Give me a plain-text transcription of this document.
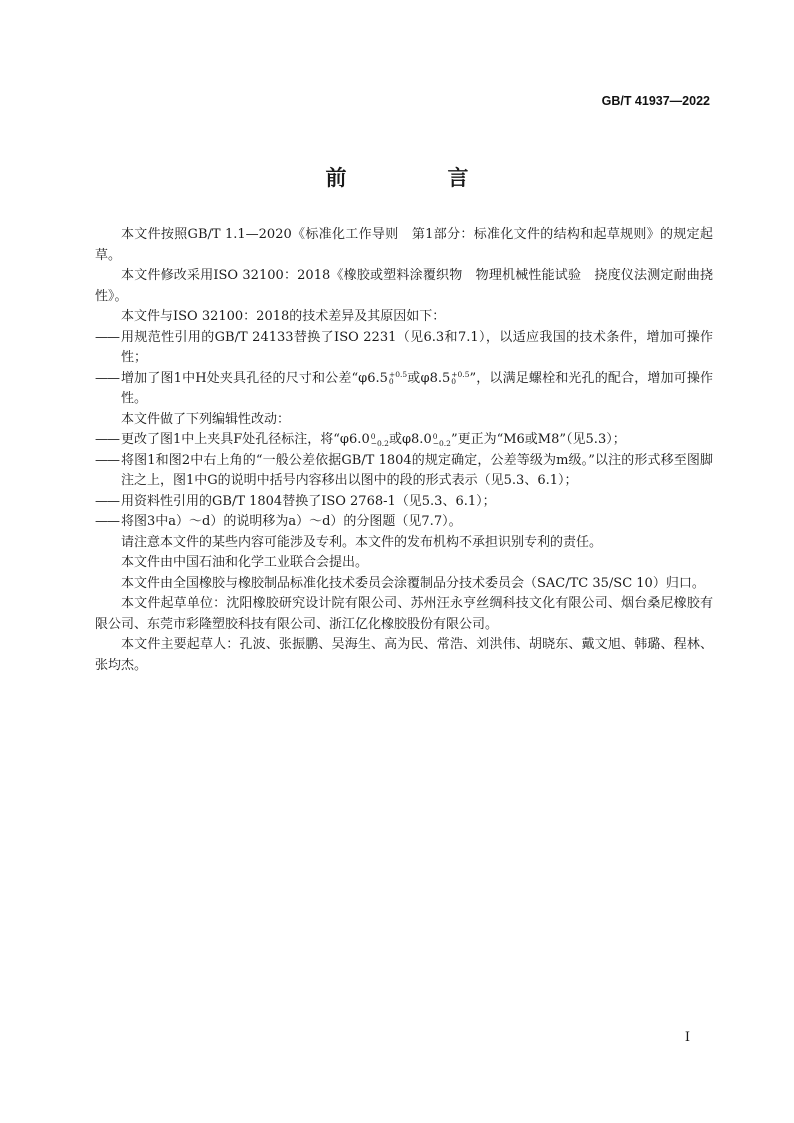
GB/T 41937—2022
前　言

本文件按照GB/T 1.1—2020《标准化工作导则　第1部分：标准化文件的结构和起草规则》的规定起草。

本文件修改采用ISO 32100：2018《橡胶或塑料涂覆织物　物理机械性能试验　挠度仪法测定耐曲挠性》。

本文件与ISO 32100：2018的技术差异及其原因如下：

—— 用规范性引用的GB/T 24133替换了ISO 2231（见6.3和7.1），以适应我国的技术条件，增加可操作性；

—— 增加了图1中H处夹具孔径的尺寸和公差“φ6.5 +0.5
0	或φ8.5 +0.5
0	”，以满足螺栓和光孔的配合，增加可操作性。

本文件做了下列编辑性改动：

—— 更改了图1中上夹具F处孔径标注，将“φ6.0 0
−0.2 或φ8.0 0
−0.2 ”更正为“M6或M8”（见5.3）；

—— 将图1和图2中右上角的“一般公差依据GB/T 1804的规定确定，公差等级为m级。”以注的形式移至图脚注之上，图1中G的说明中括号内容移出以图中的段的形式表示（见5.3、6.1）；

—— 用资料性引用的GB/T 1804替换了ISO 2768-1（见5.3、6.1）；

—— 将图3中a）～d）的说明移为a）～d）的分图题（见7.7）。

请注意本文件的某些内容可能涉及专利。本文件的发布机构不承担识别专利的责任。

本文件由中国石油和化学工业联合会提出。

本文件由全国橡胶与橡胶制品标准化技术委员会涂覆制品分技术委员会（SAC/TC 35/SC 10）归口。

本文件起草单位：沈阳橡胶研究设计院有限公司、苏州汪永亨丝绸科技文化有限公司、烟台桑尼橡胶有限公司、东莞市彩隆塑胶科技有限公司、浙江亿化橡胶股份有限公司。

本文件主要起草人：孔波、张振鹏、吴海生、高为民、常浩、刘洪伟、胡晓东、戴文旭、韩璐、程林、张均杰。

I
